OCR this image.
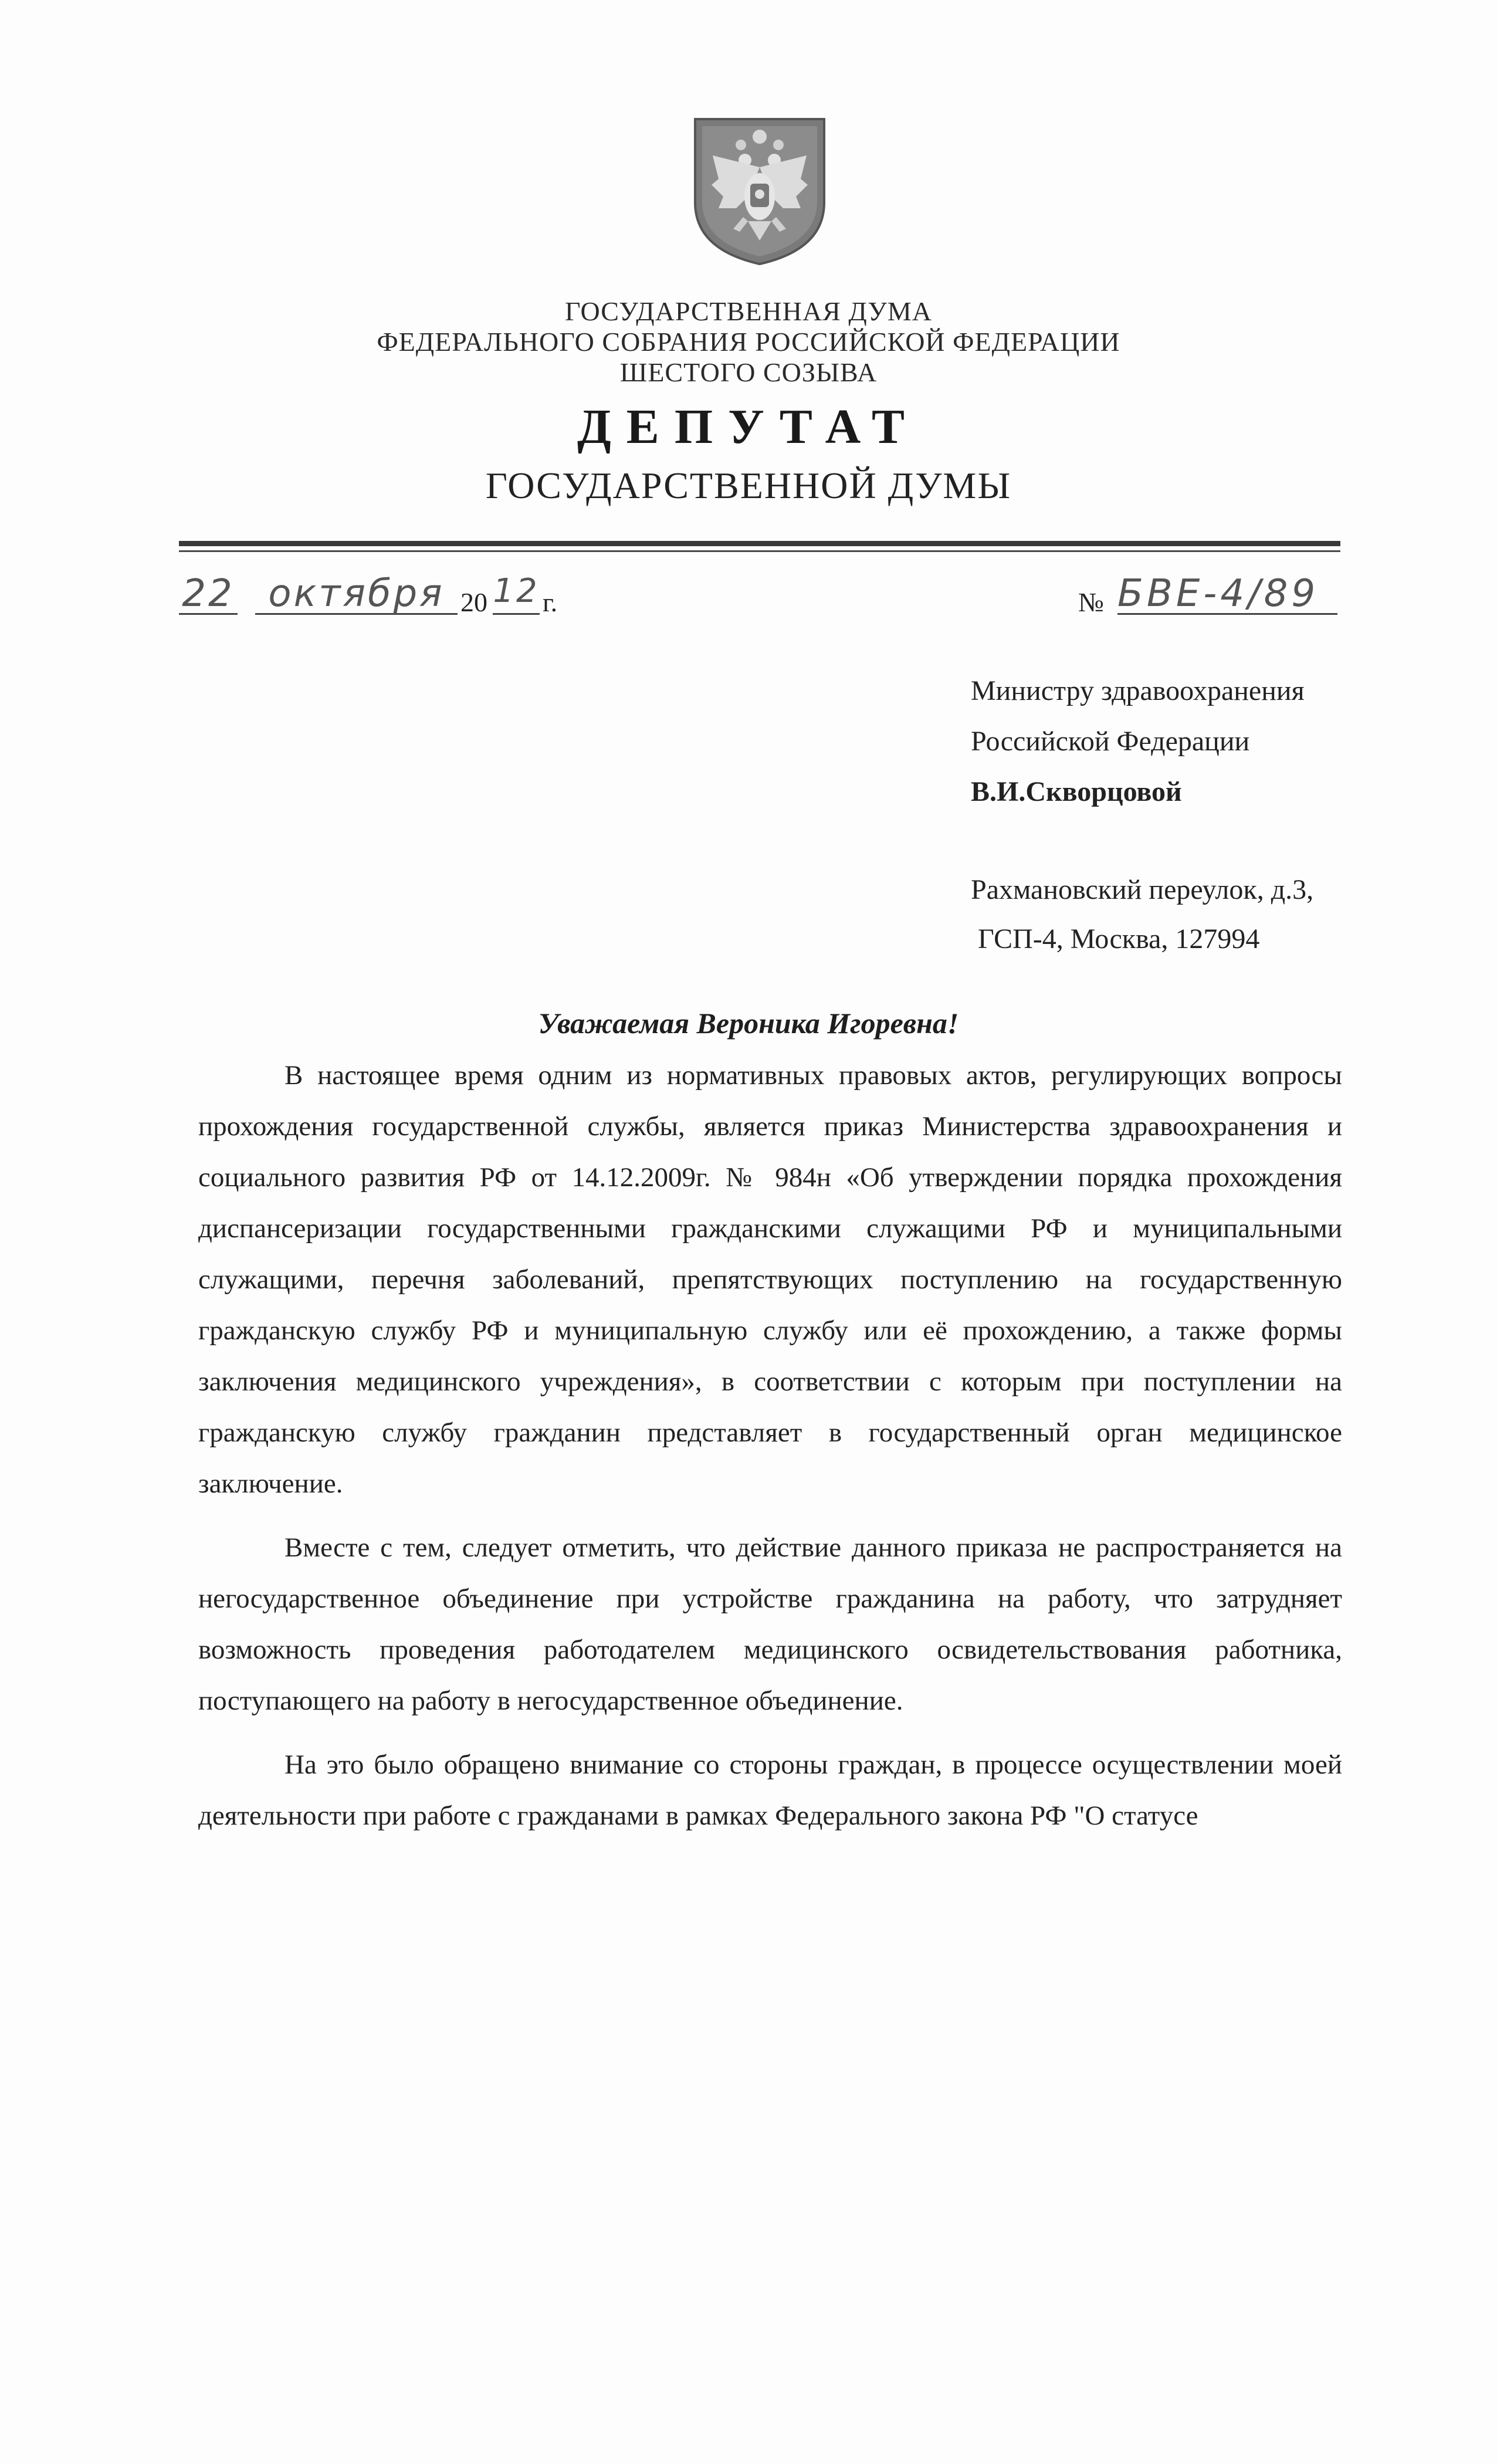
ГОСУДАРСТВЕННАЯ ДУМА
ФЕДЕРАЛЬНОГО СОБРАНИЯ РОССИЙСКОЙ ФЕДЕРАЦИИ
ШЕСТОГО СОЗЫВА
ДЕПУТАТ
ГОСУДАРСТВЕННОЙ ДУМЫ
22 октября 20 12 г.	№ БВЕ-4/89
Министру здравоохранения
Российской Федерации
В.И.Скворцовой
Рахмановский переулок, д.3,
ГСП-4, Москва, 127994
Уважаемая Вероника Игоревна!

В настоящее время одним из нормативных правовых актов, регулирующих вопросы прохождения государственной службы, является приказ Министерства здравоохранения и социального развития РФ от 14.12.2009г. № 984н «Об утверждении порядка прохождения диспансеризации государственными гражданскими служащими РФ и муниципальными служащими, перечня заболеваний, препятствующих поступлению на государственную гражданскую службу РФ и муниципальную службу или её прохождению, а также формы заключения медицинского учреждения», в соответствии с которым при поступлении на гражданскую службу гражданин представляет в государственный орган медицинское заключение.

Вместе с тем, следует отметить, что действие данного приказа не распространяется на негосударственное объединение при устройстве гражданина на работу, что затрудняет возможность проведения работодателем медицинского освидетельствования работника, поступающего на работу в негосударственное объединение.

На это было обращено внимание со стороны граждан, в процессе осуществлении моей деятельности при работе с гражданами в рамках Федерального закона РФ "О статусе
